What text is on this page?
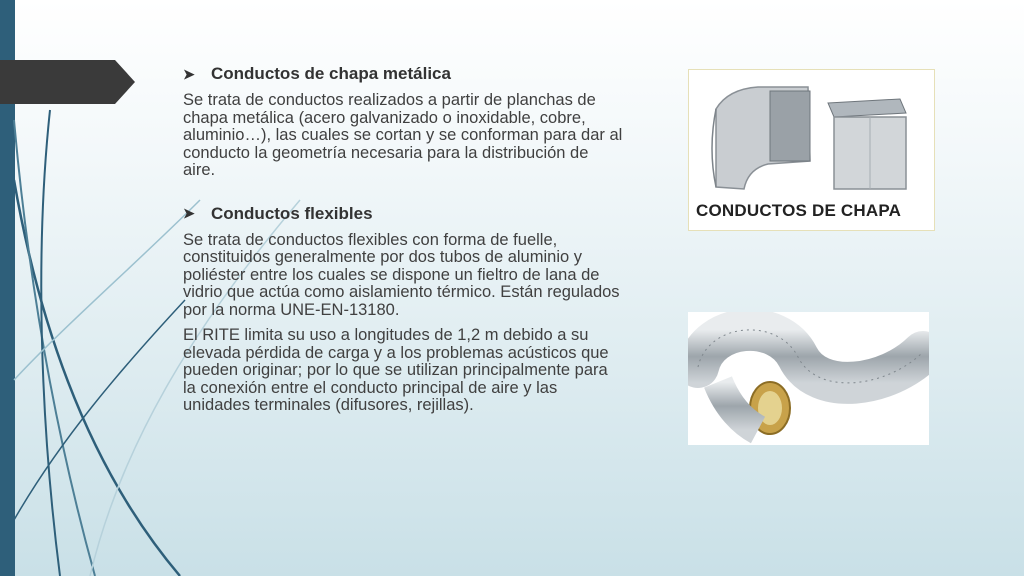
➤ Conductos de chapa metálica

Se trata de conductos realizados a partir de planchas de chapa metálica (acero galvanizado o inoxidable, cobre, aluminio…), las cuales se cortan y se conforman para dar al conducto la geometría necesaria para la distribución de aire.

➤ Conductos flexibles

Se trata de conductos flexibles con forma de fuelle, constituidos generalmente por dos tubos de aluminio y poliéster entre los cuales se dispone un fieltro de lana de vidrio que actúa como aislamiento térmico. Están regulados por la norma UNE-EN-13180.

El RITE limita su uso a longitudes de 1,2 m debido a su elevada pérdida de carga y a los problemas acústicos que pueden originar; por lo que se utilizan principalmente para la conexión entre el conducto principal de aire y las unidades terminales (difusores, rejillas).

CONDUCTOS DE CHAPA
